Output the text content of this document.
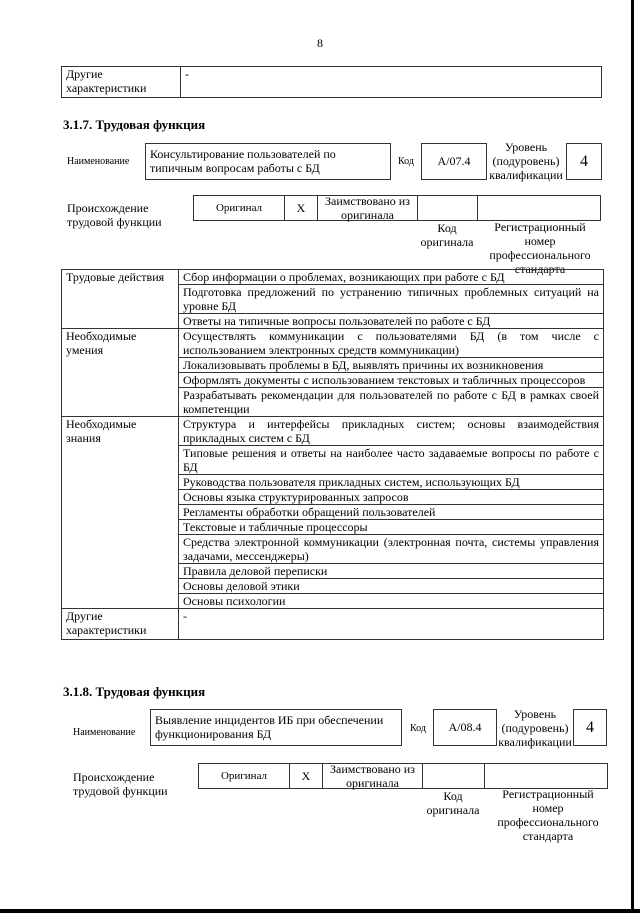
8
Другие характеристики	-
3.1.7. Трудовая функция
Наименование
Консультирование пользователей по типичным вопросам работы с БД	Код A/07.4
Уровень (подуровень) квалификации
4
Происхождение трудовой функции
Оригинал	X	Заимствовано из оригинала
Код оригинала
Регистрационный номер профессионального стандарта
Трудовые действия	Сбор информации о проблемах, возникающих при работе с БД
	Подготовка предложений по устранению типичных проблемных ситуаций на уровне БД
	Ответы на типичные вопросы пользователей по работе с БД
Необходимые умения	Осуществлять коммуникации с пользователями БД (в том числе с использованием электронных средств коммуникации)
	Локализовывать проблемы в БД, выявлять причины их возникновения
	Оформлять документы с использованием текстовых и табличных процессоров
	Разрабатывать рекомендации для пользователей по работе с БД в рамках своей компетенции
Необходимые знания	Структура и интерфейсы прикладных систем; основы взаимодействия прикладных систем с БД
	Типовые решения и ответы на наиболее часто задаваемые вопросы по работе с БД
	Руководства пользователя прикладных систем, использующих БД
	Основы языка структурированных запросов
	Регламенты обработки обращений пользователей
	Текстовые и табличные процессоры
	Средства электронной коммуникации (электронная почта, системы управления задачами, мессенджеры)
	Правила деловой переписки
	Основы деловой этики
	Основы психологии
Другие характеристики	-
3.1.8. Трудовая функция
Наименование
Выявление инцидентов ИБ при обеспечении функционирования БД	Код A/08.4
Уровень (подуровень) квалификации
4
Происхождение трудовой функции
Оригинал	X	Заимствовано из оригинала
Код оригинала
Регистрационный номер профессионального стандарта
